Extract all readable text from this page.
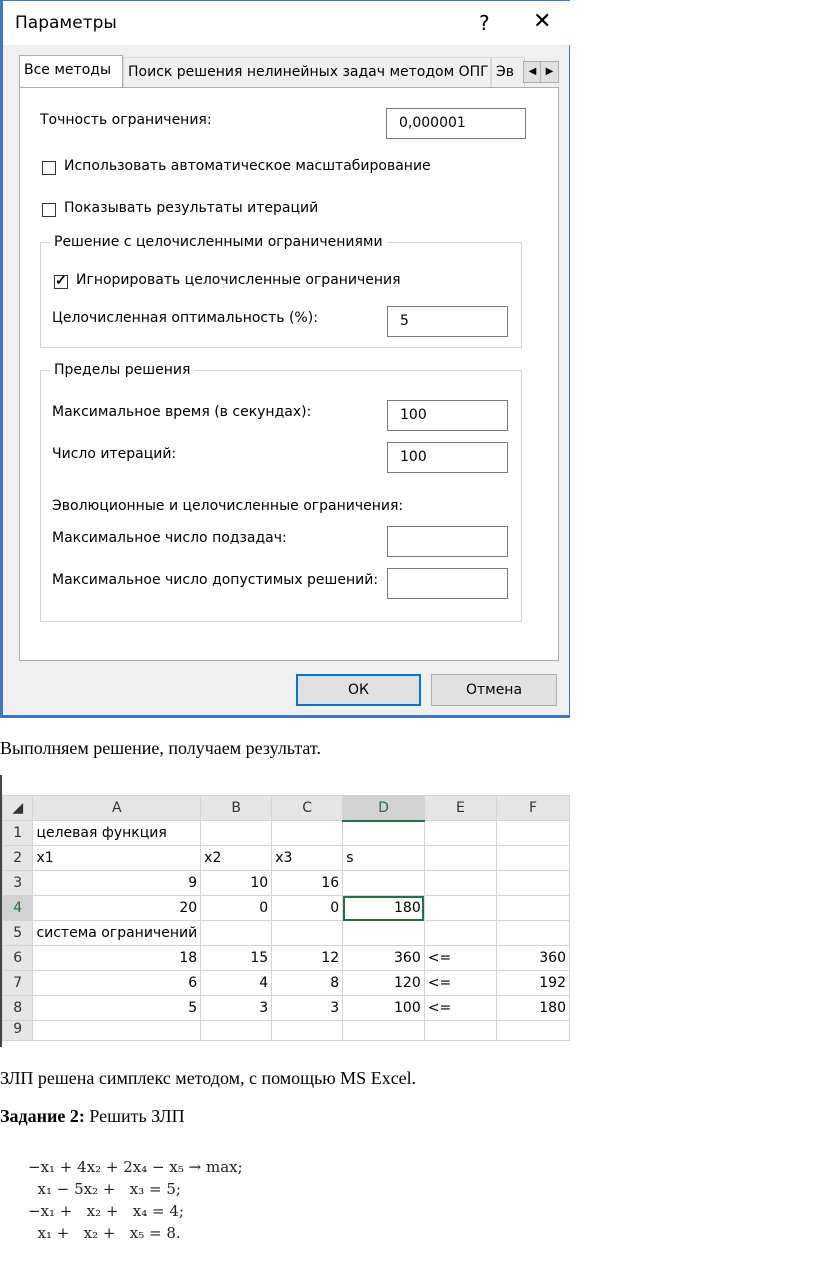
Параметры	? ✕
Все методы	Поиск решения нелинейных задач методом ОПГ Эв	◀ ▶
Точность ограничения:	0,000001
Использовать автоматическое масштабирование
Показывать результаты итераций
Решение с целочисленными ограничениями
✓ Игнорировать целочисленные ограничения
Целочисленная оптимальность (%):	5
Пределы решения
Максимальное время (в секундах):	100
Число итераций:	100
Эволюционные и целочисленные ограничения:
Максимальное число подзадач:
Максимальное число допустимых решений:
ОК	Отмена
Выполняем решение, получаем результат.
◢	A	B	C	D	E	F
1	целевая функция					
2	x1	x2	x3	s		
3	9	10	16			
4	20	0	0	180		
5	система ограничений					
6	18	15	12	360	<=	360
7	6	4	8	120	<=	192
8	5	3	3	100	<=	180
9						
ЗЛП решена симплекс методом, с помощью MS Excel.
Задание 2: Решить ЗЛП
−x₁ + 4x₂ + 2x₄ − x₅ → max;
x₁ − 5x₂ +   x₃ = 5;
−x₁ +   x₂ +   x₄ = 4;
x₁ +   x₂ +   x₅ = 8.
